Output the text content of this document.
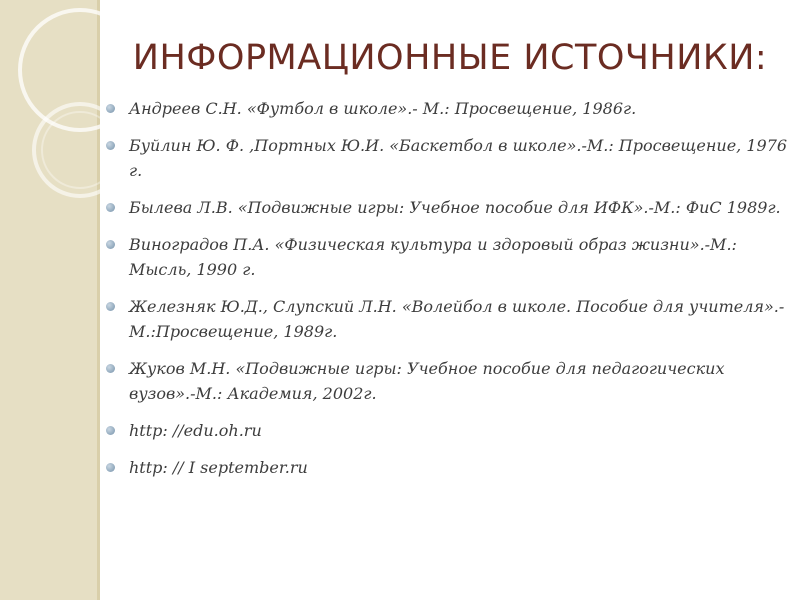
ИНФОРМАЦИОННЫЕ ИСТОЧНИКИ:
Андреев С.Н. «Футбол в школе».- М.: Просвещение, 1986г.
Буйлин Ю. Ф. ,Портных Ю.И. «Баскетбол в школе».-М.: Просвещение, 1976 г.
Былева Л.В. «Подвижные игры: Учебное пособие для ИФК».-М.: ФиС 1989г.
Виноградов П.А. «Физическая культура и здоровый образ жизни».-М.: Мысль, 1990 г.
Железняк Ю.Д., Слупский Л.Н. «Волейбол в школе. Пособие для учителя».-М.:Просвещение, 1989г.
Жуков М.Н. «Подвижные игры: Учебное пособие для педагогических вузов».-М.: Академия, 2002г.
http: //edu.oh.ru
http: // I september.ru
